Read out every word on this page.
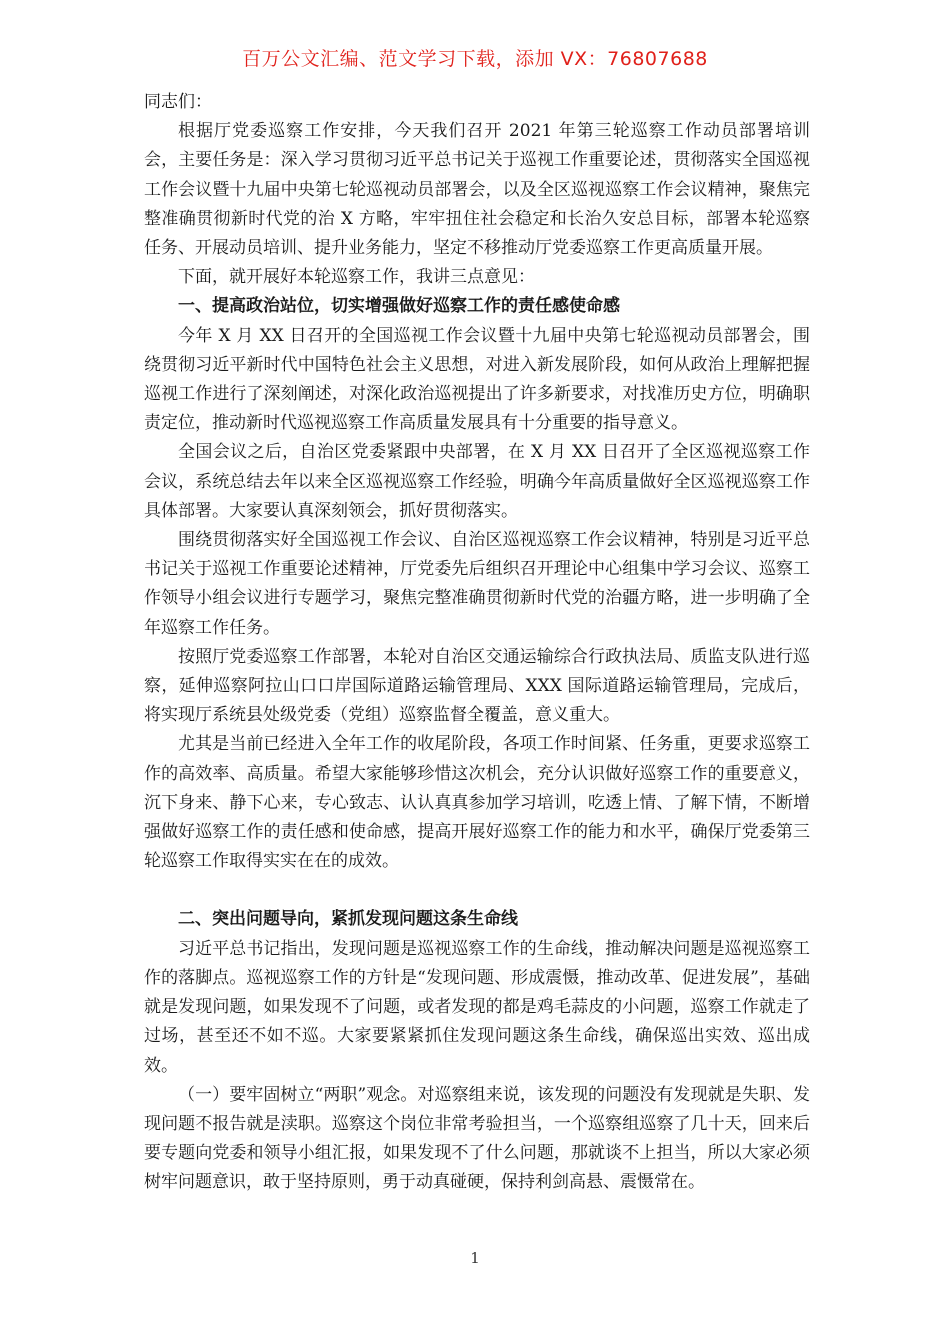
百万公文汇编、范文学习下载，添加 VX：76807688

同志们：

根据厅党委巡察工作安排，今天我们召开 2021 年第三轮巡察工作动员部署培训会，主要任务是：深入学习贯彻习近平总书记关于巡视工作重要论述，贯彻落实全国巡视工作会议暨十九届中央第七轮巡视动员部署会，以及全区巡视巡察工作会议精神，聚焦完整准确贯彻新时代党的治 X 方略，牢牢扭住社会稳定和长治久安总目标，部署本轮巡察任务、开展动员培训、提升业务能力，坚定不移推动厅党委巡察工作更高质量开展。

下面，就开展好本轮巡察工作，我讲三点意见：

一、提高政治站位，切实增强做好巡察工作的责任感使命感

今年 X 月 XX 日召开的全国巡视工作会议暨十九届中央第七轮巡视动员部署会，围绕贯彻习近平新时代中国特色社会主义思想，对进入新发展阶段，如何从政治上理解把握巡视工作进行了深刻阐述，对深化政治巡视提出了许多新要求，对找准历史方位，明确职责定位，推动新时代巡视巡察工作高质量发展具有十分重要的指导意义。

全国会议之后，自治区党委紧跟中央部署，在 X 月 XX 日召开了全区巡视巡察工作会议，系统总结去年以来全区巡视巡察工作经验，明确今年高质量做好全区巡视巡察工作具体部署。大家要认真深刻领会，抓好贯彻落实。

围绕贯彻落实好全国巡视工作会议、自治区巡视巡察工作会议精神，特别是习近平总书记关于巡视工作重要论述精神，厅党委先后组织召开理论中心组集中学习会议、巡察工作领导小组会议进行专题学习，聚焦完整准确贯彻新时代党的治疆方略，进一步明确了全年巡察工作任务。

按照厅党委巡察工作部署，本轮对自治区交通运输综合行政执法局、质监支队进行巡察，延伸巡察阿拉山口口岸国际道路运输管理局、XXX 国际道路运输管理局，完成后，将实现厅系统县处级党委（党组）巡察监督全覆盖，意义重大。

尤其是当前已经进入全年工作的收尾阶段，各项工作时间紧、任务重，更要求巡察工作的高效率、高质量。希望大家能够珍惜这次机会，充分认识做好巡察工作的重要意义，沉下身来、静下心来，专心致志、认认真真参加学习培训，吃透上情、了解下情，不断增强做好巡察工作的责任感和使命感，提高开展好巡察工作的能力和水平，确保厅党委第三轮巡察工作取得实实在在的成效。

二、突出问题导向，紧抓发现问题这条生命线

习近平总书记指出，发现问题是巡视巡察工作的生命线，推动解决问题是巡视巡察工作的落脚点。巡视巡察工作的方针是“发现问题、形成震慑，推动改革、促进发展”，基础就是发现问题，如果发现不了问题，或者发现的都是鸡毛蒜皮的小问题，巡察工作就走了过场，甚至还不如不巡。大家要紧紧抓住发现问题这条生命线，确保巡出实效、巡出成效。

（一）要牢固树立“两职”观念。对巡察组来说，该发现的问题没有发现就是失职、发现问题不报告就是渎职。巡察这个岗位非常考验担当，一个巡察组巡察了几十天，回来后要专题向党委和领导小组汇报，如果发现不了什么问题，那就谈不上担当，所以大家必须树牢问题意识，敢于坚持原则，勇于动真碰硬，保持利剑高悬、震慑常在。

1
